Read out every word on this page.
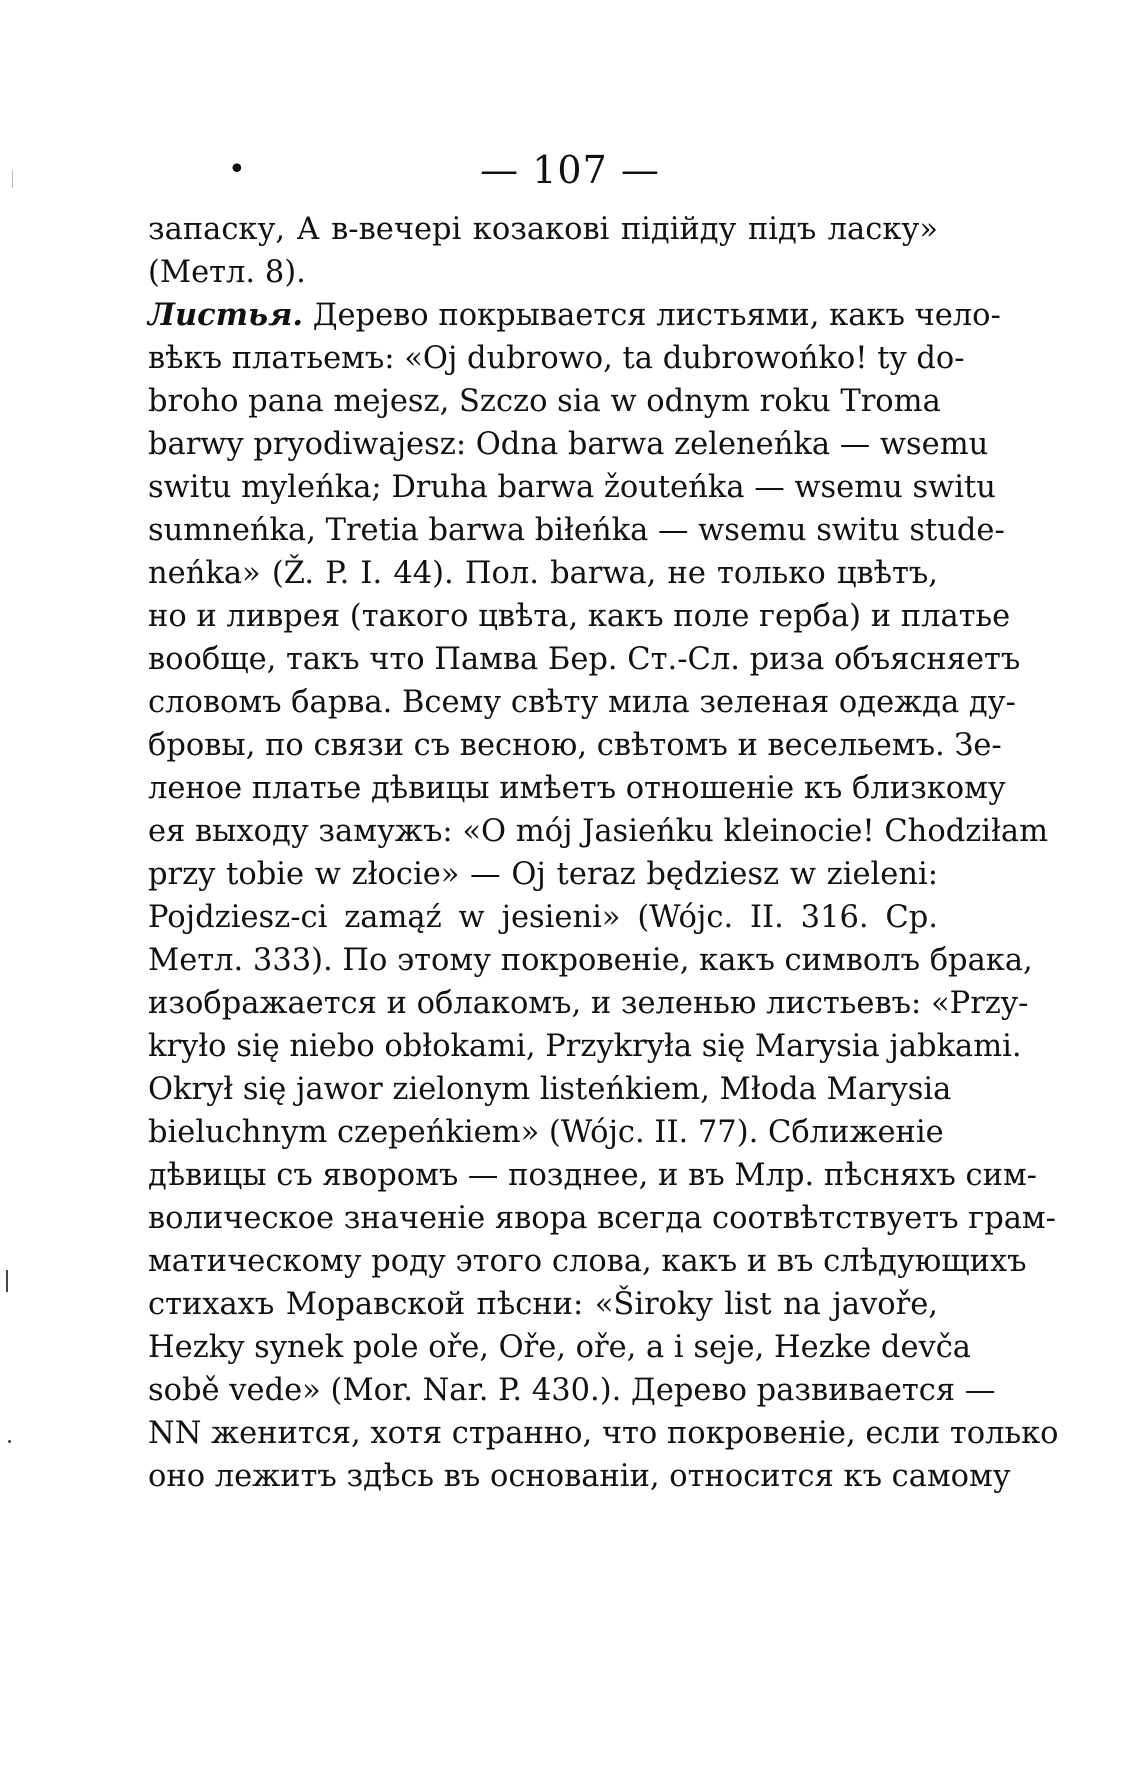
•	— 107 —
запаску, А в-вечері козакові підійду підъ ласку»
(Метл. 8).
Листья. Дерево покрывается листьями, какъ чело-
вѣкъ платьемъ: «Oj dubrowo, ta dubrowońko! ty do-
broho pana mejesz, Szczo sia w odnym roku Troma
barwy pryodiwajesz: Odna barwa zeleneńka — wsemu
switu myleńka; Druha barwa žouteńka — wsemu switu
sumneńka, Tretia barwa biłeńka — wsemu switu stude-
neńka» (Ž. P. I. 44). Пол. barwa, не только цвѣтъ,
но и ливрея (такого цвѣта, какъ поле герба) и платье
вообще, такъ что Памва Бер. Ст.-Сл. риза объясняетъ
словомъ барва. Всему свѣту мила зеленая одежда ду-
бровы, по связи съ весною, свѣтомъ и весельемъ. Зе-
леное платье дѣвицы имѣетъ отношеніе къ близкому
ея выходу замужъ: «O mój Jasieńku kleinocie! Chodziłam
przy tobie w złocie» — Oj teraz będziesz w zieleni:
Pojdziesz-ci zamąź w jesieni» (Wójc. II. 316. Ср.
Метл. 333). По этому покровеніе, какъ символъ брака,
изображается и облакомъ, и зеленью листьевъ: «Przy-
kryło się niebo obłokami, Przykryła się Marysia jabkami.
Okrył się jawor zielonym listeńkiem, Młoda Marysia
bieluchnym czepeńkiem» (Wójc. II. 77). Сближеніе
дѣвицы съ яворомъ — позднее, и въ Млр. пѣсняхъ сим-
волическое значеніе явора всегда соотвѣтствуетъ грам-
матическому роду этого слова, какъ и въ слѣдующихъ
стихахъ Моравской пѣсни: «Široky list na javoře,
Hezky synek pole oře, Oře, oře, a i seje, Hezke devča
sobě vede» (Mor. Nar. P. 430.). Дерево развивается —
NN женится, хотя странно, что покровеніе, если только
оно лежитъ здѣсь въ основаніи, относится къ самому
